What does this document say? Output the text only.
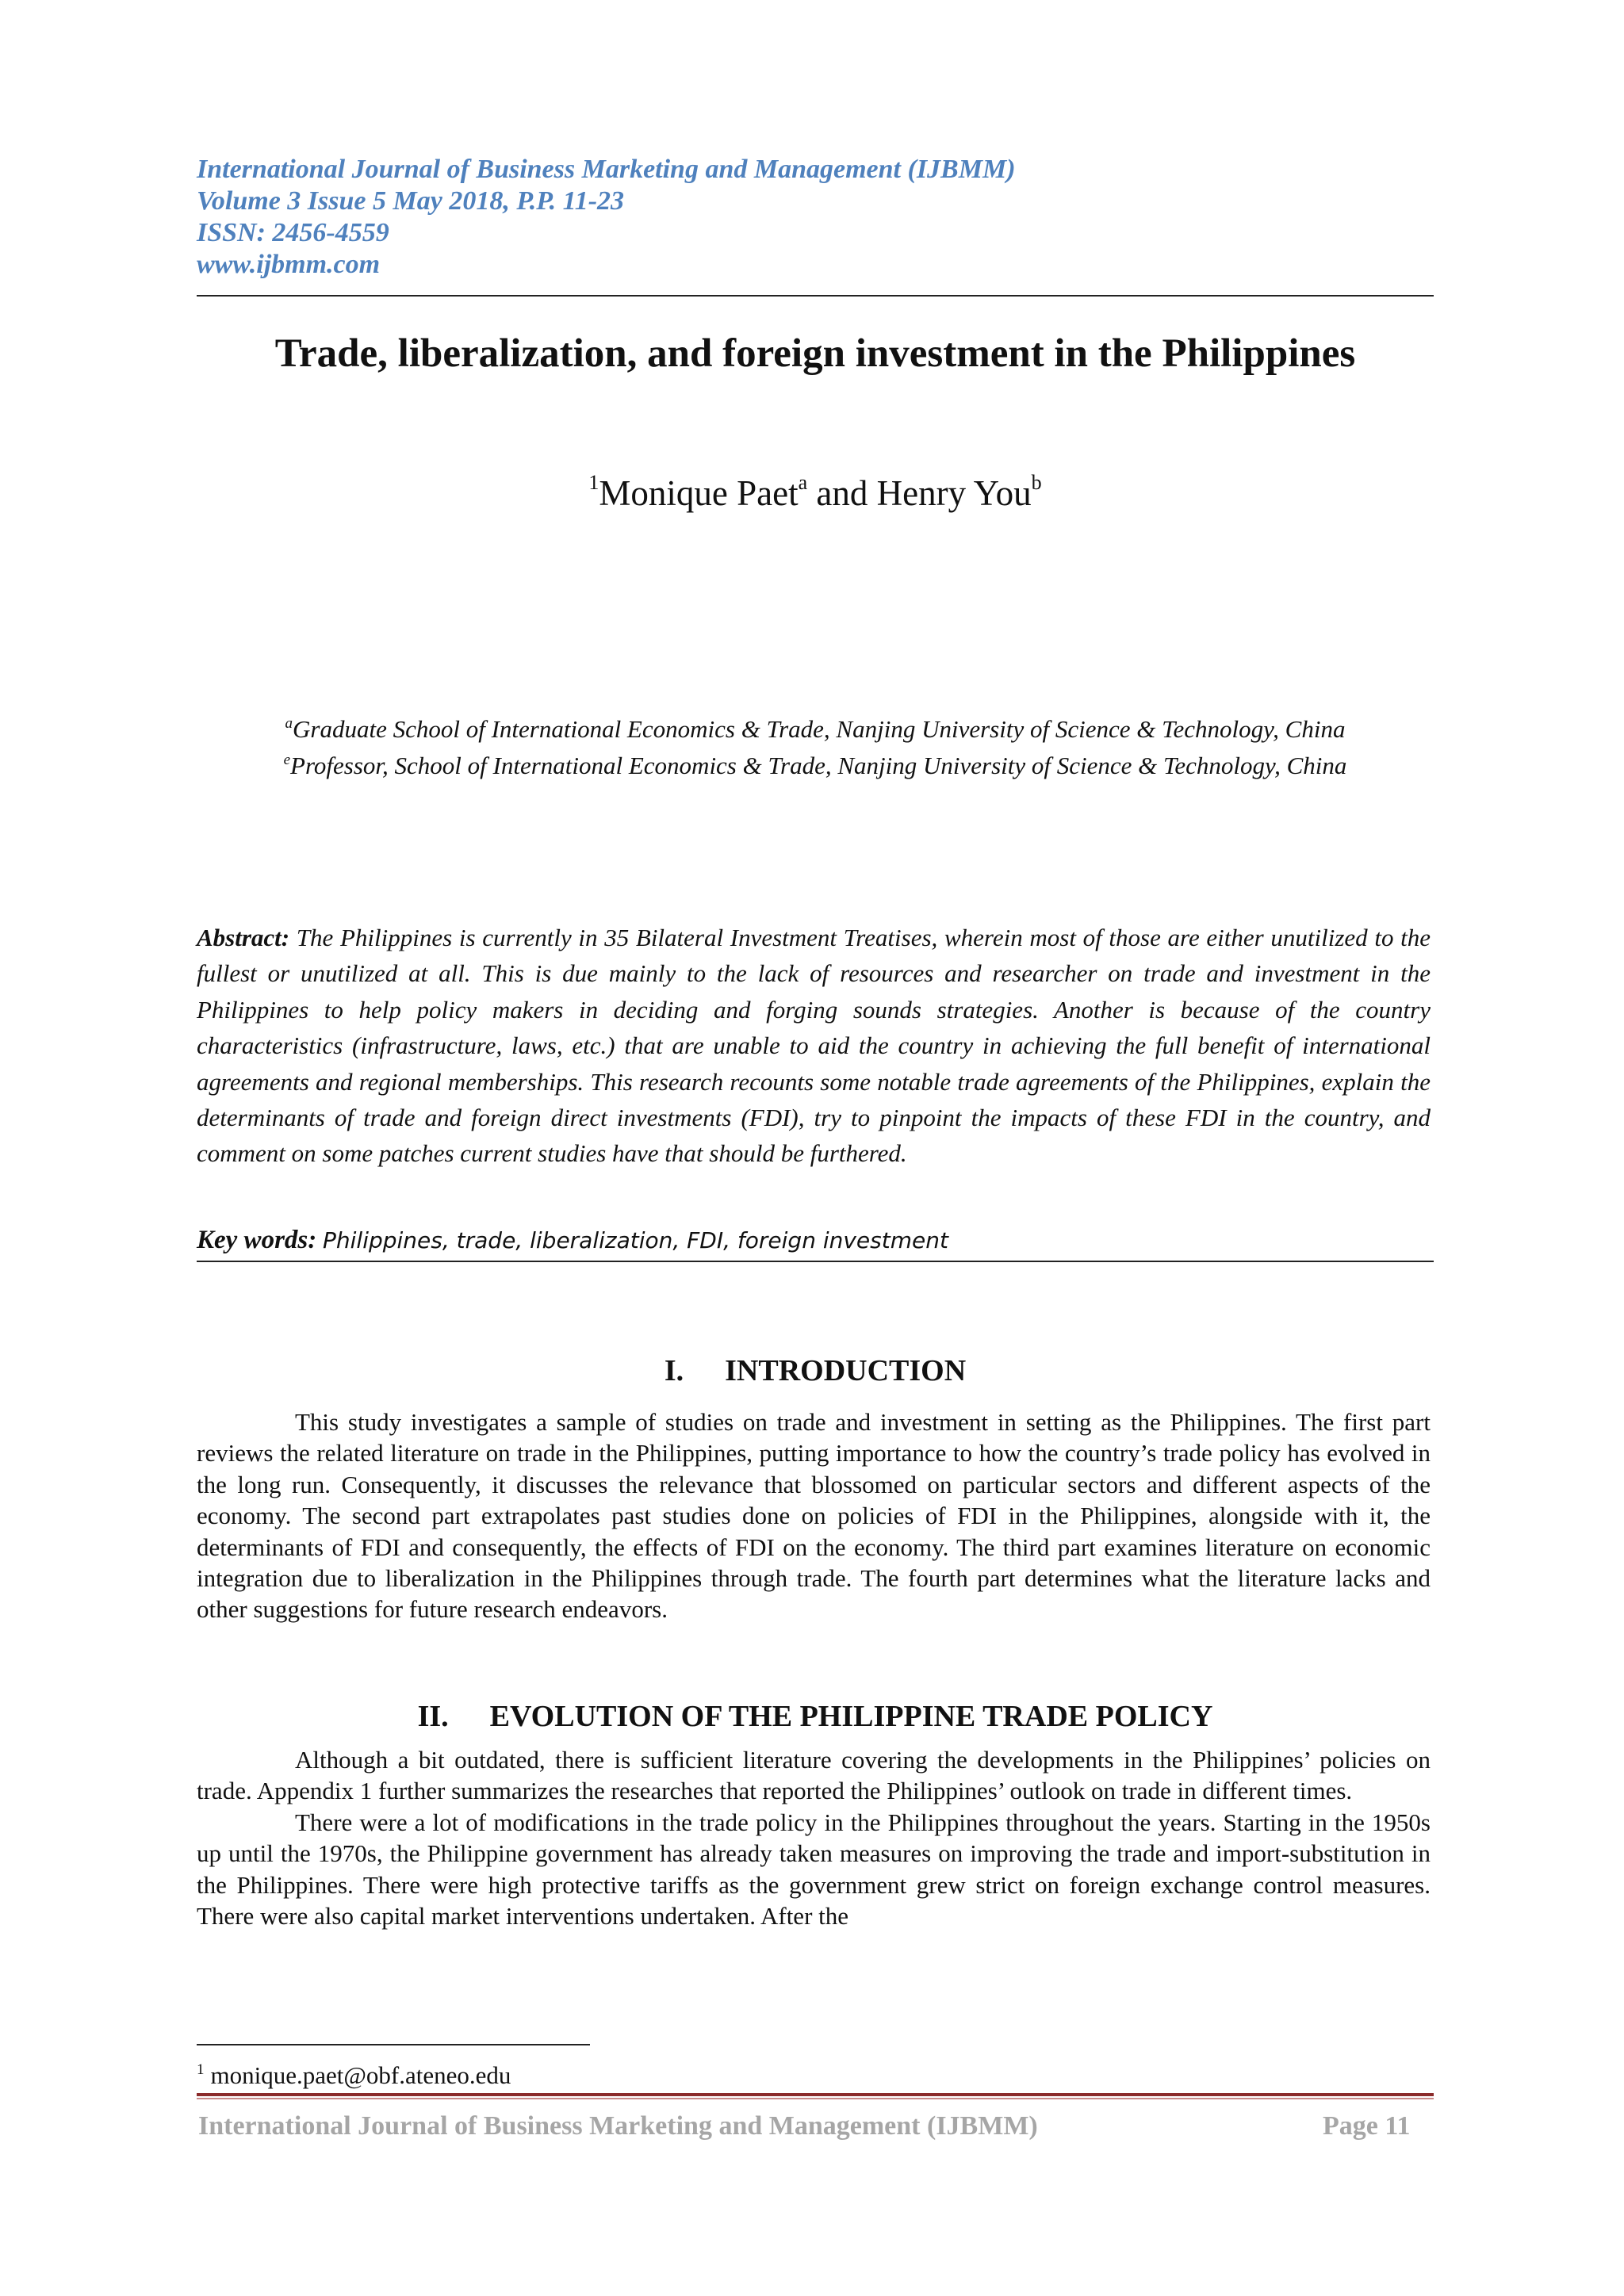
International Journal of Business Marketing and Management (IJBMM)
Volume 3 Issue 5 May 2018, P.P. 11-23
ISSN: 2456-4559
www.ijbmm.com
Trade, liberalization, and foreign investment in the Philippines
$^1$Monique Paet$^a$ and Henry You$^b$
$^a$Graduate School of International Economics & Trade, Nanjing University of Science & Technology, China
$^e$Professor, School of International Economics & Trade, Nanjing University of Science & Technology, China
Abstract: The Philippines is currently in 35 Bilateral Investment Treatises, wherein most of those are either unutilized to the fullest or unutilized at all. This is due mainly to the lack of resources and researcher on trade and investment in the Philippines to help policy makers in deciding and forging sounds strategies. Another is because of the country characteristics (infrastructure, laws, etc.) that are unable to aid the country in achieving the full benefit of international agreements and regional memberships. This research recounts some notable trade agreements of the Philippines, explain the determinants of trade and foreign direct investments (FDI), try to pinpoint the impacts of these FDI in the country, and comment on some patches current studies have that should be furthered.
Key words: Philippines, trade, liberalization, FDI, foreign investment
I. INTRODUCTION

This study investigates a sample of studies on trade and investment in setting as the Philippines. The first part reviews the related literature on trade in the Philippines, putting importance to how the country’s trade policy has evolved in the long run. Consequently, it discusses the relevance that blossomed on particular sectors and different aspects of the economy. The second part extrapolates past studies done on policies of FDI in the Philippines, alongside with it, the determinants of FDI and consequently, the effects of FDI on the economy. The third part examines literature on economic integration due to liberalization in the Philippines through trade. The fourth part determines what the literature lacks and other suggestions for future research endeavors.

II. EVOLUTION OF THE PHILIPPINE TRADE POLICY

Although a bit outdated, there is sufficient literature covering the developments in the Philippines’ policies on trade. Appendix 1 further summarizes the researches that reported the Philippines’ outlook on trade in different times.

There were a lot of modifications in the trade policy in the Philippines throughout the years. Starting in the 1950s up until the 1970s, the Philippine government has already taken measures on improving the trade and import-substitution in the Philippines. There were high protective tariffs as the government grew strict on foreign exchange control measures. There were also capital market interventions undertaken. After the

$^1$ monique.paet@obf.ateneo.edu
International Journal of Business Marketing and Management (IJBMM)	Page 11
